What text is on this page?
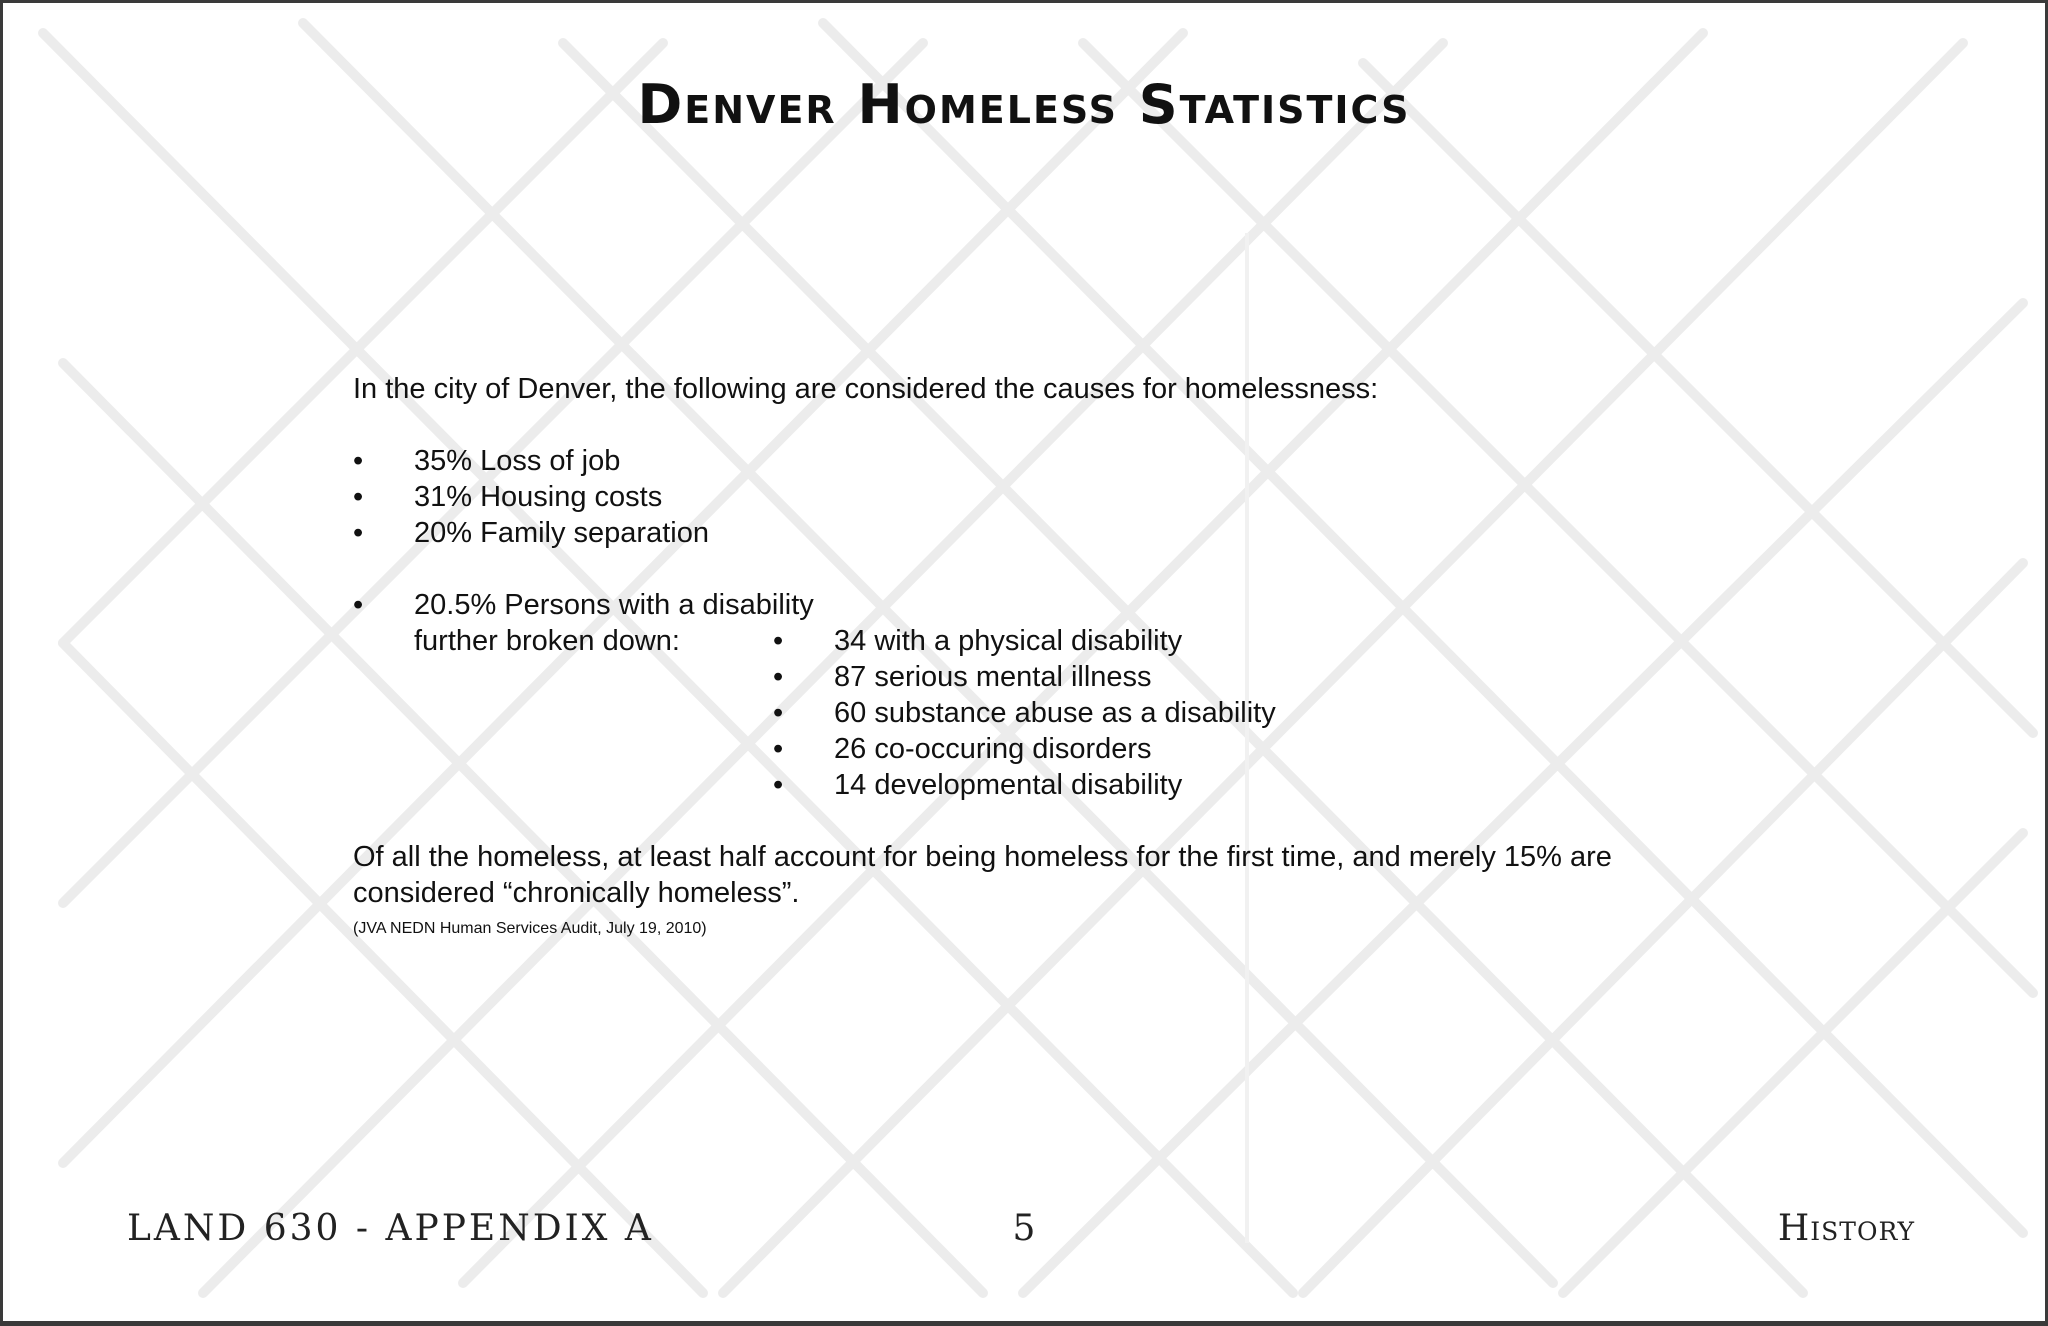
Denver Homeless Statistics

In the city of Denver, the following are considered the causes for homelessness:

• 35% Loss of job
• 31% Housing costs
• 20% Family separation
• 20.5% Persons with a disability
further broken down:	• 34 with a physical disability
• 87 serious mental illness
• 60 substance abuse as a disability
• 26 co-occuring disorders
• 14 developmental disability

Of all the homeless, at least half account for being homeless for the first time, and merely 15% are considered “chronically homeless”.

(JVA NEDN Human Services Audit, July 19, 2010)

LAND 630 - APPENDIX A	5	History
